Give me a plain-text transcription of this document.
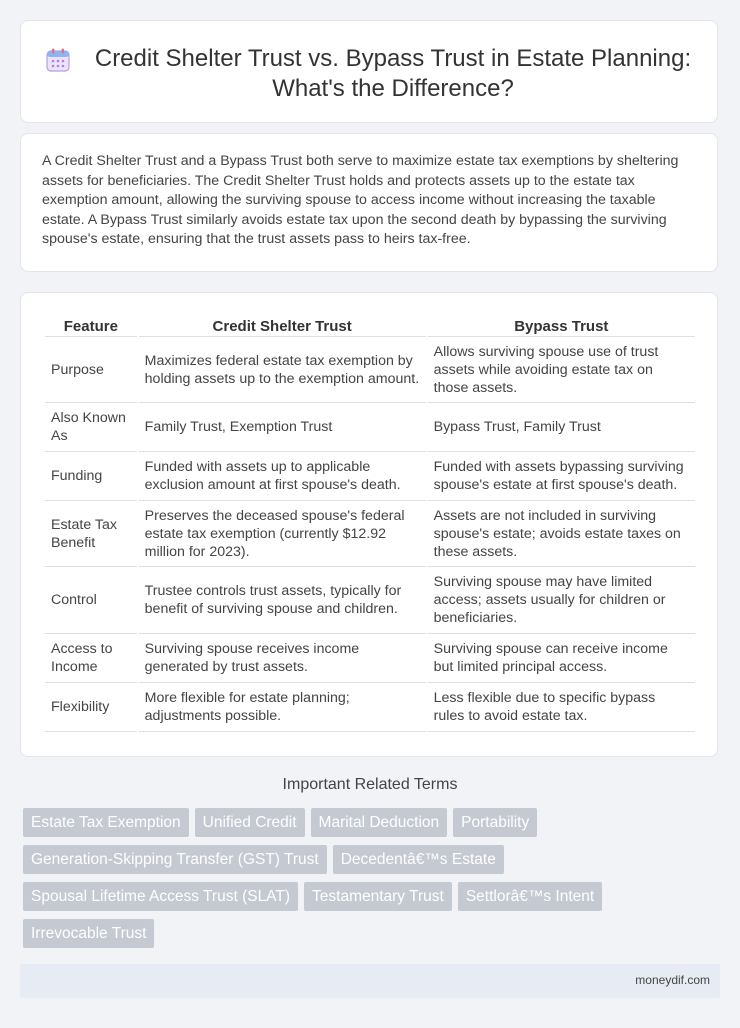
Credit Shelter Trust vs. Bypass Trust in Estate Planning: What's the Difference?

A Credit Shelter Trust and a Bypass Trust both serve to maximize estate tax exemptions by sheltering assets for beneficiaries. The Credit Shelter Trust holds and protects assets up to the estate tax exemption amount, allowing the surviving spouse to access income without increasing the taxable estate. A Bypass Trust similarly avoids estate tax upon the second death by bypassing the surviving spouse's estate, ensuring that the trust assets pass to heirs tax-free.

Feature	Credit Shelter Trust	Bypass Trust
Purpose	Maximizes federal estate tax exemption by holding assets up to the exemption amount.	Allows surviving spouse use of trust assets while avoiding estate tax on those assets.
Also Known As	Family Trust, Exemption Trust	Bypass Trust, Family Trust
Funding	Funded with assets up to applicable exclusion amount at first spouse's death.	Funded with assets bypassing surviving spouse's estate at first spouse's death.
Estate Tax Benefit	Preserves the deceased spouse's federal estate tax exemption (currently $12.92 million for 2023).	Assets are not included in surviving spouse's estate; avoids estate taxes on these assets.
Control	Trustee controls trust assets, typically for benefit of surviving spouse and children.	Surviving spouse may have limited access; assets usually for children or beneficiaries.
Access to Income	Surviving spouse receives income generated by trust assets.	Surviving spouse can receive income but limited principal access.
Flexibility	More flexible for estate planning; adjustments possible.	Less flexible due to specific bypass rules to avoid estate tax.
Important Related Terms
Estate Tax Exemption	Unified Credit	Marital Deduction	Portability
Generation-Skipping Transfer (GST) Trust	Decedentâ€™s Estate
Spousal Lifetime Access Trust (SLAT)	Testamentary Trust	Settlorâ€™s Intent
Irrevocable Trust
moneydif.com
